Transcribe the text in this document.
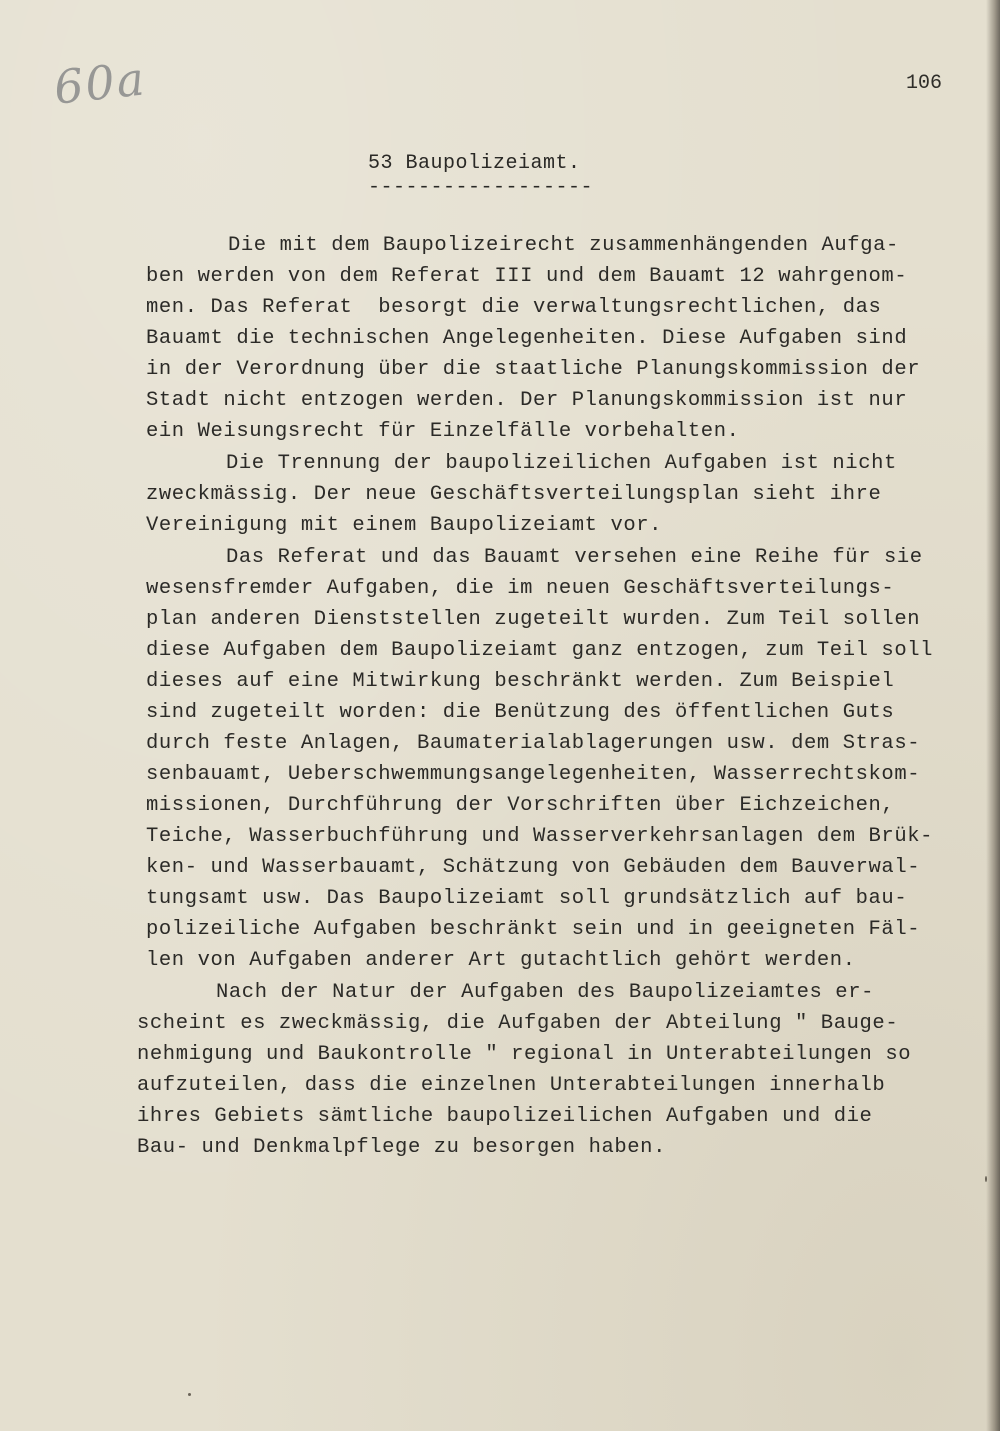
60a	106
53 Baupolizeiamt.
------------------
Die mit dem Baupolizeirecht zusammenhängenden Aufga-
ben werden von dem Referat III und dem Bauamt 12 wahrgenom-
men. Das Referat  besorgt die verwaltungsrechtlichen, das
Bauamt die technischen Angelegenheiten. Diese Aufgaben sind
in der Verordnung über die staatliche Planungskommission der
Stadt nicht entzogen werden. Der Planungskommission ist nur
ein Weisungsrecht für Einzelfälle vorbehalten.
Die Trennung der baupolizeilichen Aufgaben ist nicht
zweckmässig. Der neue Geschäftsverteilungsplan sieht ihre
Vereinigung mit einem Baupolizeiamt vor.
Das Referat und das Bauamt versehen eine Reihe für sie
wesensfremder Aufgaben, die im neuen Geschäftsverteilungs-
plan anderen Dienststellen zugeteilt wurden. Zum Teil sollen
diese Aufgaben dem Baupolizeiamt ganz entzogen, zum Teil soll
dieses auf eine Mitwirkung beschränkt werden. Zum Beispiel
sind zugeteilt worden: die Benützung des öffentlichen Guts
durch feste Anlagen, Baumaterialablagerungen usw. dem Stras-
senbauamt, Ueberschwemmungsangelegenheiten, Wasserrechtskom-
missionen, Durchführung der Vorschriften über Eichzeichen,
Teiche, Wasserbuchführung und Wasserverkehrsanlagen dem Brük-
ken- und Wasserbauamt, Schätzung von Gebäuden dem Bauverwal-
tungsamt usw. Das Baupolizeiamt soll grundsätzlich auf bau-
polizeiliche Aufgaben beschränkt sein und in geeigneten Fäl-
len von Aufgaben anderer Art gutachtlich gehört werden.
Nach der Natur der Aufgaben des Baupolizeiamtes er-
scheint es zweckmässig, die Aufgaben der Abteilung " Bauge-
nehmigung und Baukontrolle " regional in Unterabteilungen so
aufzuteilen, dass die einzelnen Unterabteilungen innerhalb
ihres Gebiets sämtliche baupolizeilichen Aufgaben und die
Bau- und Denkmalpflege zu besorgen haben.
